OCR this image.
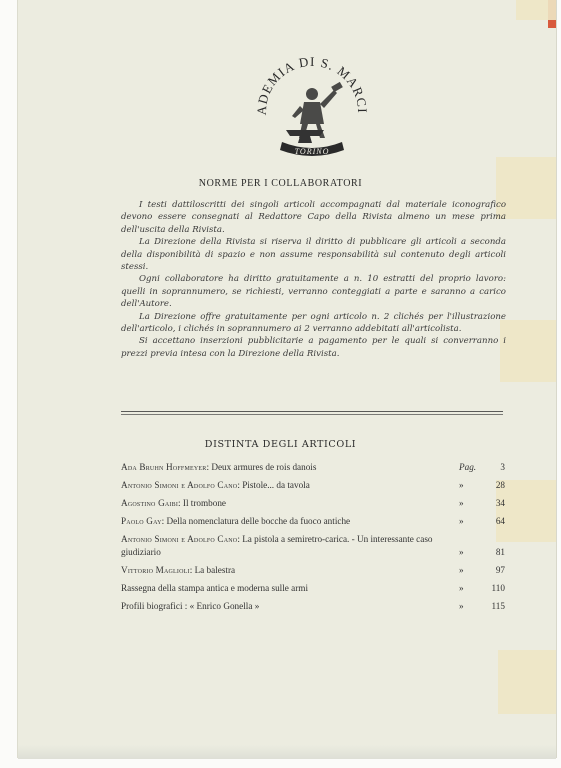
ADEMIA DI S. MARCI
TORINO
NORME PER I COLLABORATORI

I testi dattiloscritti dei singoli articoli accompagnati dal materiale iconografico devono essere consegnati al Redattore Capo della Rivista almeno un mese prima dell'uscita della Rivista.

La Direzione della Rivista si riserva il diritto di pubblicare gli articoli a seconda della disponibilità di spazio e non assume responsabilità sul contenuto degli articoli stessi.

Ogni collaboratore ha diritto gratuitamente a n. 10 estratti del proprio lavoro: quelli in soprannumero, se richiesti, verranno conteggiati a parte e saranno a carico dell'Autore.

La Direzione offre gratuitamente per ogni articolo n. 2 clichés per l'illustrazione dell'articolo, i clichés in soprannumero ai 2 verranno addebitati all'articolista.

Si accettano inserzioni pubblicitarie a pagamento per le quali si converranno i prezzi previa intesa con la Direzione della Rivista.

DISTINTA DEGLI ARTICOLI
Ada Bruhn Hoffmeyer: Deux armures de rois danois	Pag.	3
Antonio Simoni e Adolfo Cano: Pistole... da tavola	»	28
Agostino Gaibi: Il trombone	»	34
Paolo Gay: Della nomenclatura delle bocche da fuoco antiche	»	64
Antonio Simoni e Adolfo Cano: La pistola a semiretro-carica. - Un interessante caso giudiziario	»	81
Vittorio Maglioli: La balestra	»	97
Rassegna della stampa antica e moderna sulle armi	»	110
Profili biografici : « Enrico Gonella »	»	115
